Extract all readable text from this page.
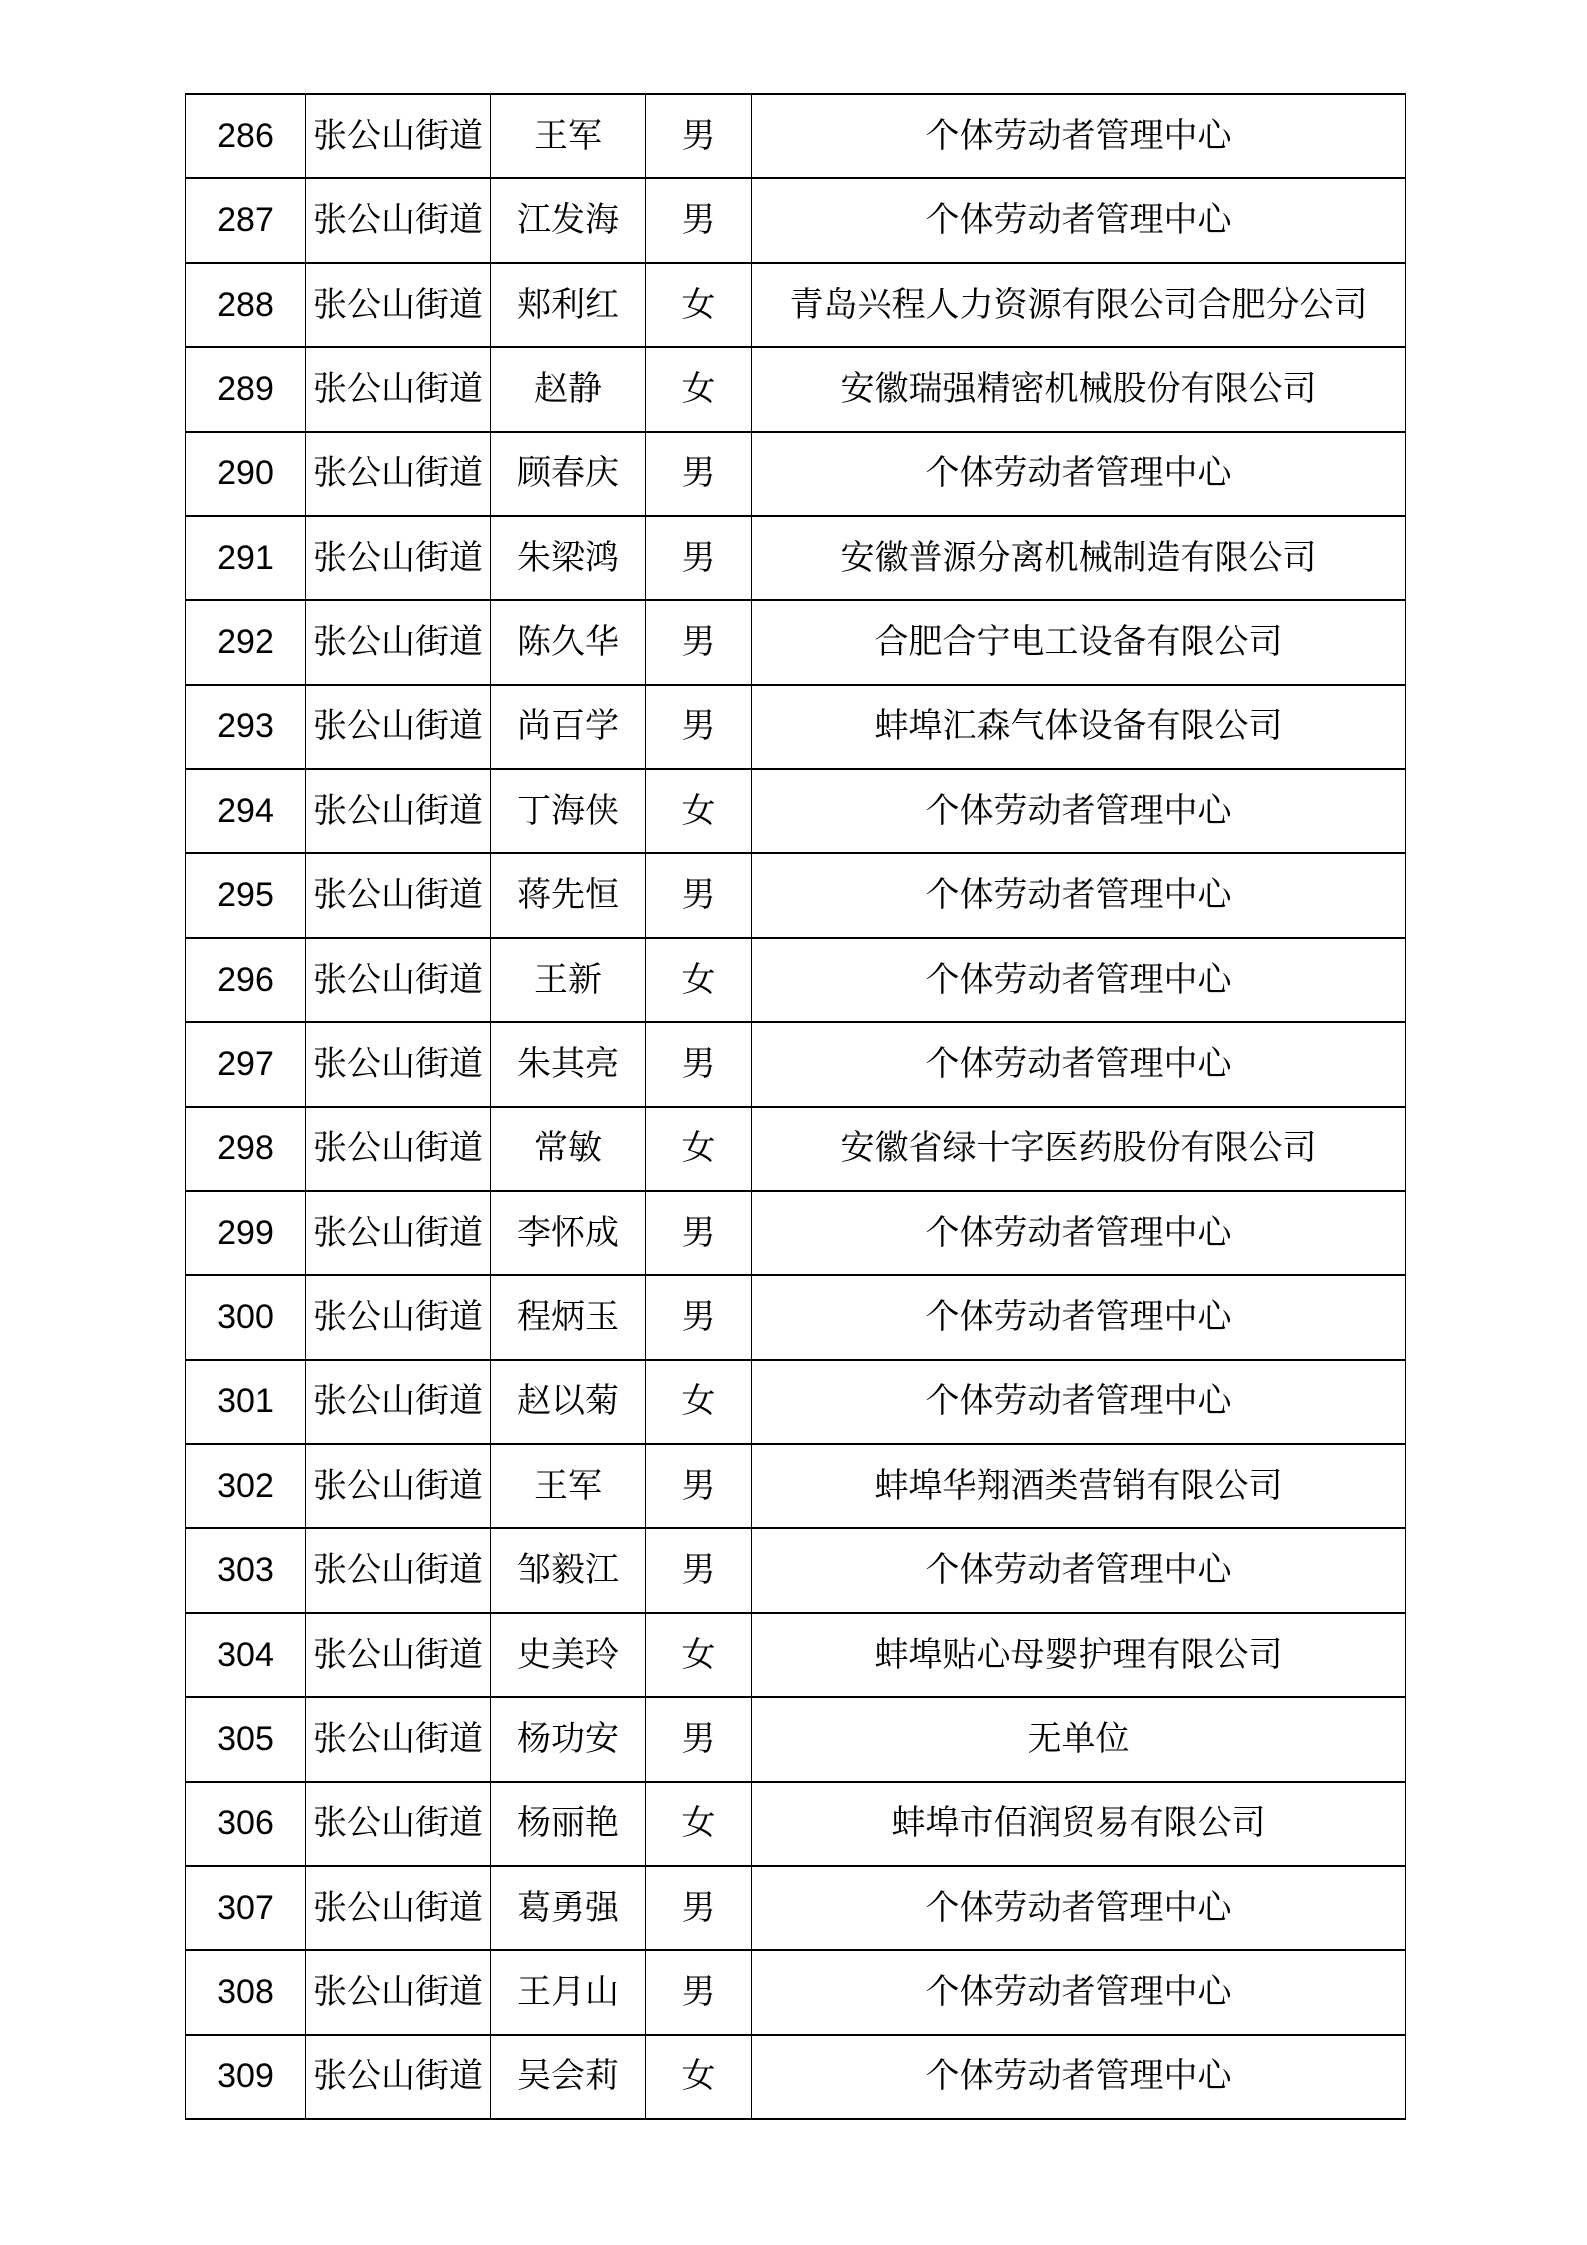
286	张公山街道	王军	男	个体劳动者管理中心
287	张公山街道	江发海	男	个体劳动者管理中心
288	张公山街道	郏利红	女	青岛兴程人力资源有限公司合肥分公司
289	张公山街道	赵静	女	安徽瑞强精密机械股份有限公司
290	张公山街道	顾春庆	男	个体劳动者管理中心
291	张公山街道	朱梁鸿	男	安徽普源分离机械制造有限公司
292	张公山街道	陈久华	男	合肥合宁电工设备有限公司
293	张公山街道	尚百学	男	蚌埠汇森气体设备有限公司
294	张公山街道	丁海侠	女	个体劳动者管理中心
295	张公山街道	蒋先恒	男	个体劳动者管理中心
296	张公山街道	王新	女	个体劳动者管理中心
297	张公山街道	朱其亮	男	个体劳动者管理中心
298	张公山街道	常敏	女	安徽省绿十字医药股份有限公司
299	张公山街道	李怀成	男	个体劳动者管理中心
300	张公山街道	程炳玉	男	个体劳动者管理中心
301	张公山街道	赵以菊	女	个体劳动者管理中心
302	张公山街道	王军	男	蚌埠华翔酒类营销有限公司
303	张公山街道	邹毅江	男	个体劳动者管理中心
304	张公山街道	史美玲	女	蚌埠贴心母婴护理有限公司
305	张公山街道	杨功安	男	无单位
306	张公山街道	杨丽艳	女	蚌埠市佰润贸易有限公司
307	张公山街道	葛勇强	男	个体劳动者管理中心
308	张公山街道	王月山	男	个体劳动者管理中心
309	张公山街道	吴会莉	女	个体劳动者管理中心
